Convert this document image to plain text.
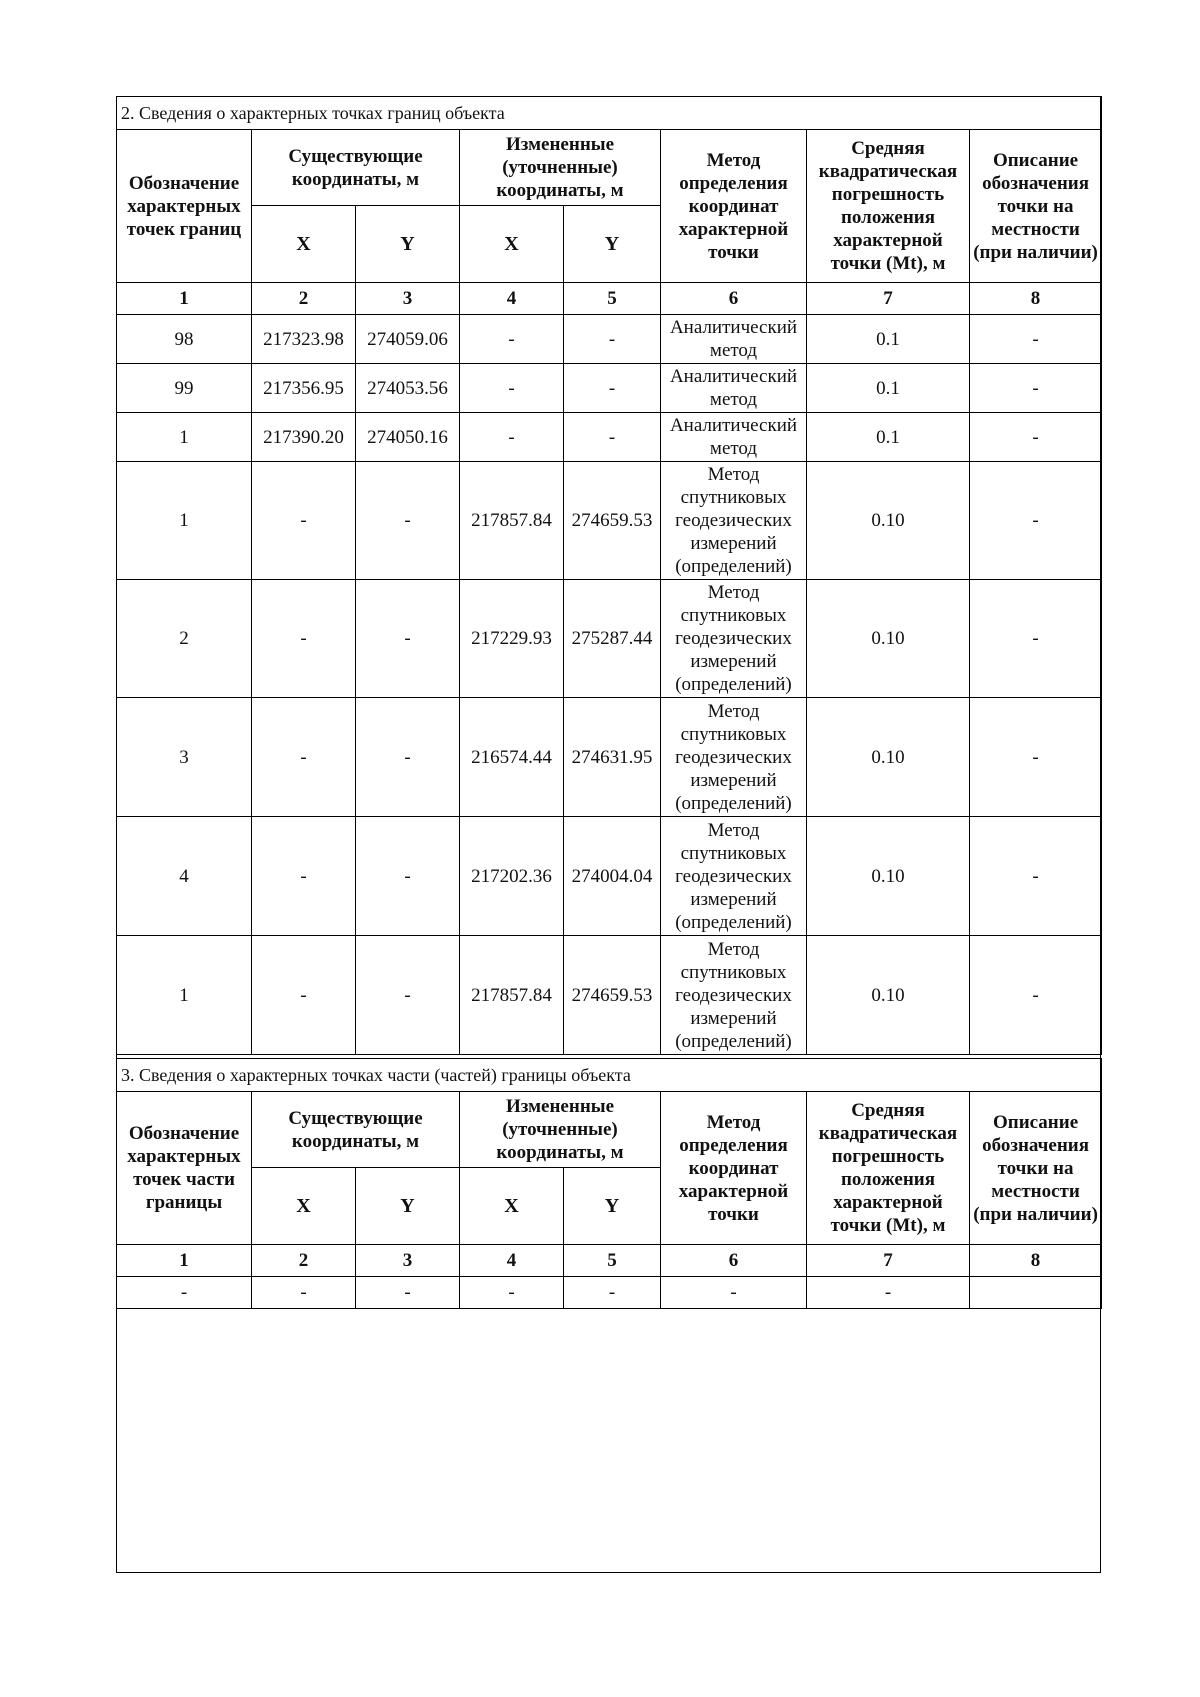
2. Сведения о характерных точках границ объекта							
Обозначение характерных точек границ	Существующие координаты, м		Измененные (уточненные) координаты, м		Метод определения координат характерной точки	Средняя квадратическая погрешность положения характерной точки (Mt), м	Описание обозначения точки на местности (при наличии)
	X	Y	X	Y			
1	2	3	4	5	6	7	8
98	217323.98	274059.06	-	-	Аналитический метод	0.1	-
99	217356.95	274053.56	-	-	Аналитический метод	0.1	-
1	217390.20	274050.16	-	-	Аналитический метод	0.1	-
1	-	-	217857.84	274659.53	Метод спутниковых геодезических измерений (определений)	0.10	-
2	-	-	217229.93	275287.44	Метод спутниковых геодезических измерений (определений)	0.10	-
3	-	-	216574.44	274631.95	Метод спутниковых геодезических измерений (определений)	0.10	-
4	-	-	217202.36	274004.04	Метод спутниковых геодезических измерений (определений)	0.10	-
1	-	-	217857.84	274659.53	Метод спутниковых геодезических измерений (определений)	0.10	-
3. Сведения о характерных точках части (частей) границы объекта							
Обозначение характерных точек части границы	Существующие координаты, м		Измененные (уточненные) координаты, м		Метод определения координат характерной точки	Средняя квадратическая погрешность положения характерной точки (Mt), м	Описание обозначения точки на местности (при наличии)
	X	Y	X	Y			
1	2	3	4	5	6	7	8
-	-	-	-	-	-	-	
